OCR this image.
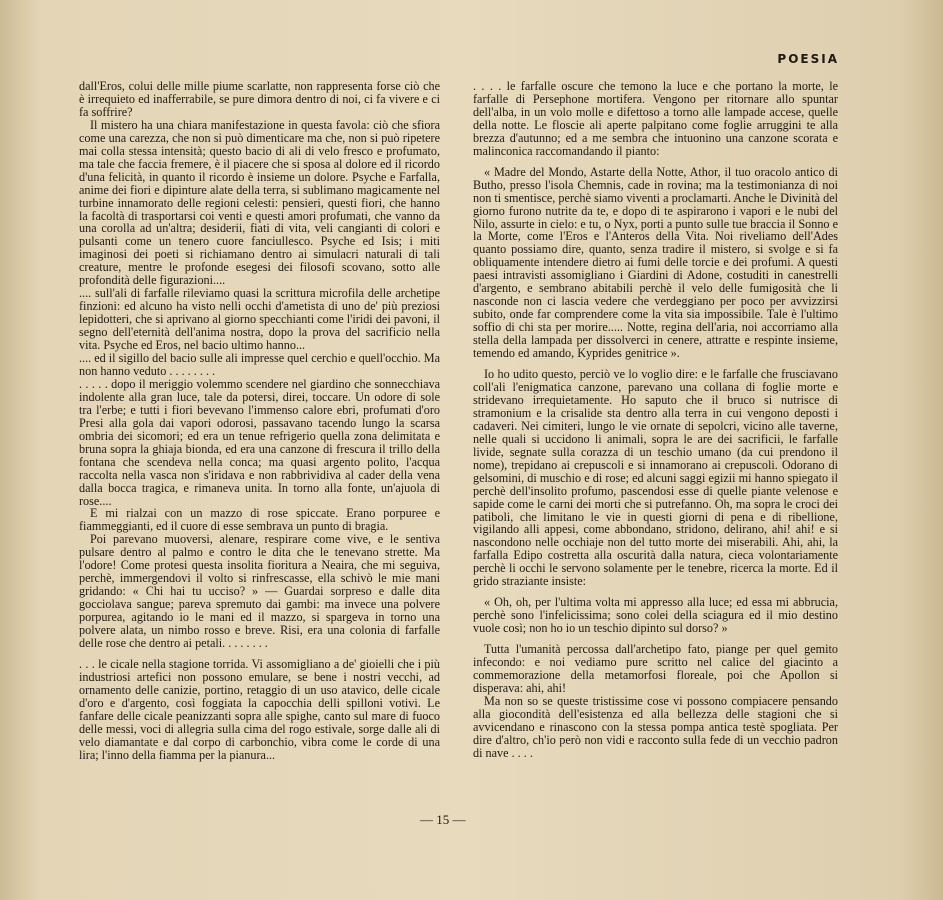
POESIA

dall'Eros, colui delle mille piume scarlatte, non rappresenta forse ciò che è irrequieto ed inafferrabile, se pure dimora dentro di noi, ci fa vivere e ci fa soffrire?

Il mistero ha una chiara manifestazione in questa favola: ciò che sfiora come una carezza, che non si può dimenticare ma che, non si può ripetere mai colla stessa intensità; questo bacio di ali di velo fresco e profumato, ma tale che faccia fremere, è il piacere che si sposa al dolore ed il ricordo d'una felicità, in quanto il ricordo è insieme un dolore. Psyche e Farfalla, anime dei fiori e dipinture alate della terra, si sublimano magicamente nel turbine innamorato delle regioni celesti: pensieri, questi fiori, che hanno la facoltà di trasportarsi coi venti e questi amori profumati, che vanno da una corolla ad un'altra; desiderii, fiati di vita, veli cangianti di colori e pulsanti come un tenero cuore fanciullesco. Psyche ed Isis; i miti imaginosi dei poeti si richiamano dentro ai simulacri naturali di tali creature, mentre le profonde esegesi dei filosofi scovano, sotto alle profondità delle figurazioni....

.... sull'ali di farfalle rileviamo quasi la scrittura microfila delle archetipe finzioni: ed alcuno ha visto nelli occhi d'ametista di uno de' più preziosi lepidotteri, che si aprivano al giorno specchianti come l'iridi dei pavoni, il segno dell'eternità dell'anima nostra, dopo la prova del sacrificio nella vita. Psyche ed Eros, nel bacio ultimo hanno...

.... ed il sigillo del bacio sulle ali impresse quel cerchio e quell'occhio. Ma non hanno veduto . . . . . . . .

. . . . . dopo il meriggio volemmo scendere nel giardino che sonnecchiava indolente alla gran luce, tale da potersi, direi, toccare. Un odore di sole tra l'erbe; e tutti i fiori bevevano l'immenso calore ebri, profumati d'oro Presi alla gola dai vapori odorosi, passavano tacendo lungo la scarsa ombria dei sicomori; ed era un tenue refrigerio quella zona delimitata e bruna sopra la ghiaja bionda, ed era una canzone di frescura il trillo della fontana che scendeva nella conca; ma quasi argento polito, l'acqua raccolta nella vasca non s'iridava e non rabbrividiva al cader della vena dalla bocca tragica, e rimaneva unita. In torno alla fonte, un'ajuola di rose....

E mi rialzai con un mazzo di rose spiccate. Erano porpuree e fiammeggianti, ed il cuore di esse sembrava un punto di bragia.

Poi parevano muoversi, alenare, respirare come vive, e le sentiva pulsare dentro al palmo e contro le dita che le tenevano strette. Ma l'odore! Come protesi questa insolita fioritura a Neaira, che mi seguiva, perchè, immergendovi il volto si rinfrescasse, ella schivò le mie mani gridando: « Chi hai tu ucciso? » — Guardai sorpreso e dalle dita gocciolava sangue; pareva spremuto dai gambi: ma invece una polvere porpurea, agitando io le mani ed il mazzo, si spargeva in torno una polvere alata, un nimbo rosso e breve. Risi, era una colonia di farfalle delle rose che dentro ai petali. . . . . . . .

. . . le cicale nella stagione torrida. Vi assomigliano a de' gioielli che i più industriosi artefici non possono emulare, se bene i nostri vecchi, ad ornamento delle canizie, portino, retaggio di un uso atavico, delle cicale d'oro e d'argento, così foggiata la capocchia delli spilloni votivi. Le fanfare delle cicale peanizzanti sopra alle spighe, canto sul mare di fuoco delle messi, voci di allegria sulla cima del rogo estivale, sorge dalle ali di velo diamantate e dal corpo di carbonchio, vibra come le corde di una lira; l'inno della fiamma per la pianura...

. . . . le farfalle oscure che temono la luce e che portano la morte, le farfalle di Persephone mortifera. Vengono per ritornare allo spuntar dell'alba, in un volo molle e difettoso a torno alle lampade accese, quelle della notte. Le floscie ali aperte palpitano come foglie arruggini te alla brezza d'autunno; ed a me sembra che intuonino una canzone scorata e malinconica raccomandando il pianto:

« Madre del Mondo, Astarte della Notte, Athor, il tuo oracolo antico di Butho, presso l'isola Chemnis, cade in rovina; ma la testimonianza di noi non ti smentisce, perchè siamo viventi a proclamarti. Anche le Divinità del giorno furono nutrite da te, e dopo di te aspirarono i vapori e le nubi del Nilo, assurte in cielo: e tu, o Nyx, porti a punto sulle tue braccia il Sonno e la Morte, come l'Eros e l'Anteros della Vita. Noi riveliamo dell'Ades quanto possiamo dire, quanto, senza tradire il mistero, si svolge e si fa obliquamente intendere dietro ai fumi delle torcie e dei profumi. A questi paesi intravisti assomigliano i Giardini di Adone, costuditi in canestrelli d'argento, e sembrano abitabili perchè il velo delle fumigosità che li nasconde non ci lascia vedere che verdeggiano per poco per avvizzirsi subito, onde far comprendere come la vita sia impossibile. Tale è l'ultimo soffio di chi sta per morire..... Notte, regina dell'aria, noi accorriamo alla stella della lampada per dissolverci in cenere, attratte e respinte insieme, temendo ed amando, Kyprides genitrice ».

Io ho udito questo, perciò ve lo voglio dire: e le farfalle che frusciavano coll'ali l'enigmatica canzone, parevano una collana di foglie morte e stridevano irrequietamente. Ho saputo che il bruco si nutrisce di stramonium e la crisalide sta dentro alla terra in cui vengono deposti i cadaveri. Nei cimiteri, lungo le vie ornate di sepolcri, vicino alle taverne, nelle quali si uccidono li animali, sopra le are dei sacrificii, le farfalle livide, segnate sulla corazza di un teschio umano (da cui prendono il nome), trepidano ai crepuscoli e si innamorano ai crepuscoli. Odorano di gelsomini, di muschio e di rose; ed alcuni saggi egizii mi hanno spiegato il perchè dell'insolito profumo, pascendosi esse di quelle piante velenose e sapide come le carni dei morti che si putrefanno. Oh, ma sopra le croci dei patiboli, che limitano le vie in questi giorni di pena e di ribellione, vigilando alli appesi, come abbondano, stridono, delirano, ahi! ahi! e si nascondono nelle occhiaje non del tutto morte dei miserabili. Ahi, ahi, la farfalla Edipo costretta alla oscurità dalla natura, cieca volontariamente perchè li occhi le servono solamente per le tenebre, ricerca la morte. Ed il grido straziante insiste:

« Oh, oh, per l'ultima volta mi appresso alla luce; ed essa mi abbrucia, perchè sono l'infelicissima; sono colei della sciagura ed il mio destino vuole così; non ho io un teschio dipinto sul dorso? »

Tutta l'umanità percossa dall'archetipo fato, piange per quel gemito infecondo: e noi vediamo pure scritto nel calice del giacinto a commemorazione della metamorfosi floreale, poi che Apollon si disperava: ahi, ahi!

Ma non so se queste tristissime cose vi possono compiacere pensando alla giocondità dell'esistenza ed alla bellezza delle stagioni che si avvicendano e rinascono con la stessa pompa antica testè spogliata. Per dire d'altro, ch'io però non vidi e racconto sulla fede di un vecchio padron di nave . . . .

— 15 —
